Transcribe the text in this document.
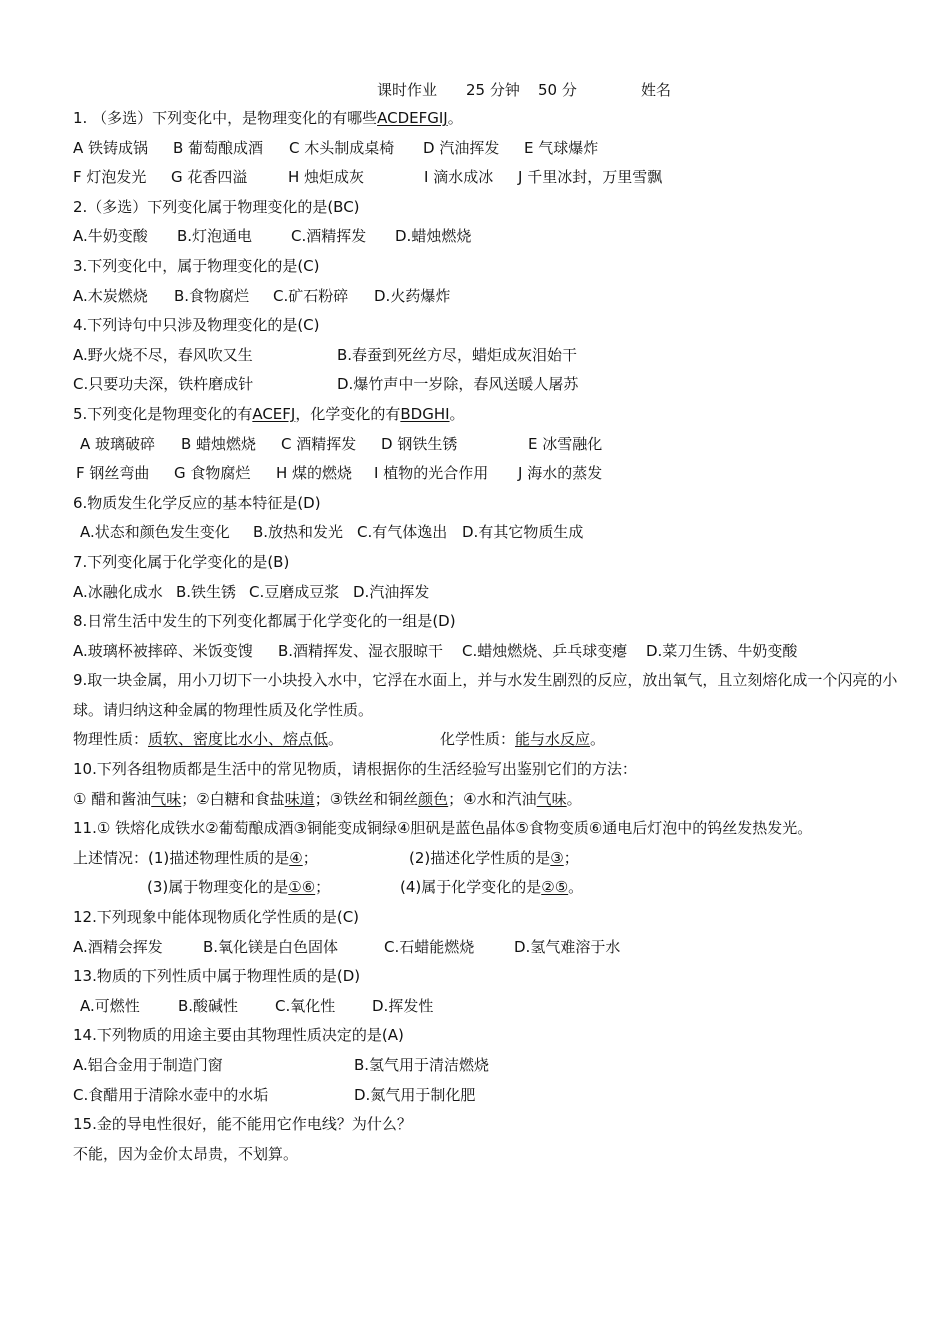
课时作业 25 分钟 50 分	姓名
1. （多选）下列变化中，是物理变化的有哪些ACDEFGIJ。
A 铁铸成锅 B 葡萄酿成酒 C 木头制成桌椅 D 汽油挥发 E 气球爆炸
F 灯泡发光 G 花香四溢	H 烛炬成灰	I 滴水成冰 J 千里冰封，万里雪飘
2.（多选）下列变化属于物理变化的是(BC)
A.牛奶变酸 B.灯泡通电	C.酒精挥发 D.蜡烛燃烧
3.下列变化中，属于物理变化的是(C)
A.木炭燃烧 B.食物腐烂 C.矿石粉碎 D.火药爆炸
4.下列诗句中只涉及物理变化的是(C)
A.野火烧不尽，春风吹又生	B.春蚕到死丝方尽，蜡炬成灰泪始干
C.只要功夫深，铁杵磨成针	D.爆竹声中一岁除，春风送暖人屠苏
5.下列变化是物理变化的有ACEFJ，化学变化的有BDGHI。
A 玻璃破碎 B 蜡烛燃烧 C 酒精挥发 D 钢铁生锈	E 冰雪融化
F 钢丝弯曲 G 食物腐烂 H 煤的燃烧 I 植物的光合作用 J 海水的蒸发
6.物质发生化学反应的基本特征是(D)
A.状态和颜色发生变化 B.放热和发光 C.有气体逸出 D.有其它物质生成
7.下列变化属于化学变化的是(B)
A.冰融化成水 B.铁生锈 C.豆磨成豆浆 D.汽油挥发
8.日常生活中发生的下列变化都属于化学变化的一组是(D)
A.玻璃杯被摔碎、米饭变馊 B.酒精挥发、湿衣服晾干 C.蜡烛燃烧、乒乓球变瘪 D.菜刀生锈、牛奶变酸
9.取一块金属，用小刀切下一小块投入水中，它浮在水面上，并与水发生剧烈的反应，放出氧气，且立刻熔化成一个闪亮的小球。请归纳这种金属的物理性质及化学性质。
物理性质：质软、密度比水小、熔点低。	化学性质：能与水反应。
10.下列各组物质都是生活中的常见物质，请根据你的生活经验写出鉴别它们的方法：
① 醋和酱油气味；②白糖和食盐味道；③铁丝和铜丝颜色；④水和汽油气味。
11.① 铁熔化成铁水②葡萄酿成酒③铜能变成铜绿④胆矾是蓝色晶体⑤食物变质⑥通电后灯泡中的钨丝发热发光。
上述情况：(1)描述物理性质的是④；	(2)描述化学性质的是③；
(3)属于物理变化的是①⑥；	(4)属于化学变化的是②⑤。
12.下列现象中能体现物质化学性质的是(C)
A.酒精会挥发	B.氧化镁是白色固体	C.石蜡能燃烧	D.氢气难溶于水
13.物质的下列性质中属于物理性质的是(D)
A.可燃性	B.酸碱性 C.氧化性 D.挥发性
14.下列物质的用途主要由其物理性质决定的是(A)
A.铝合金用于制造门窗	B.氢气用于清洁燃烧
C.食醋用于清除水壶中的水垢	D.氮气用于制化肥
15.金的导电性很好，能不能用它作电线？为什么？
不能，因为金价太昂贵，不划算。
